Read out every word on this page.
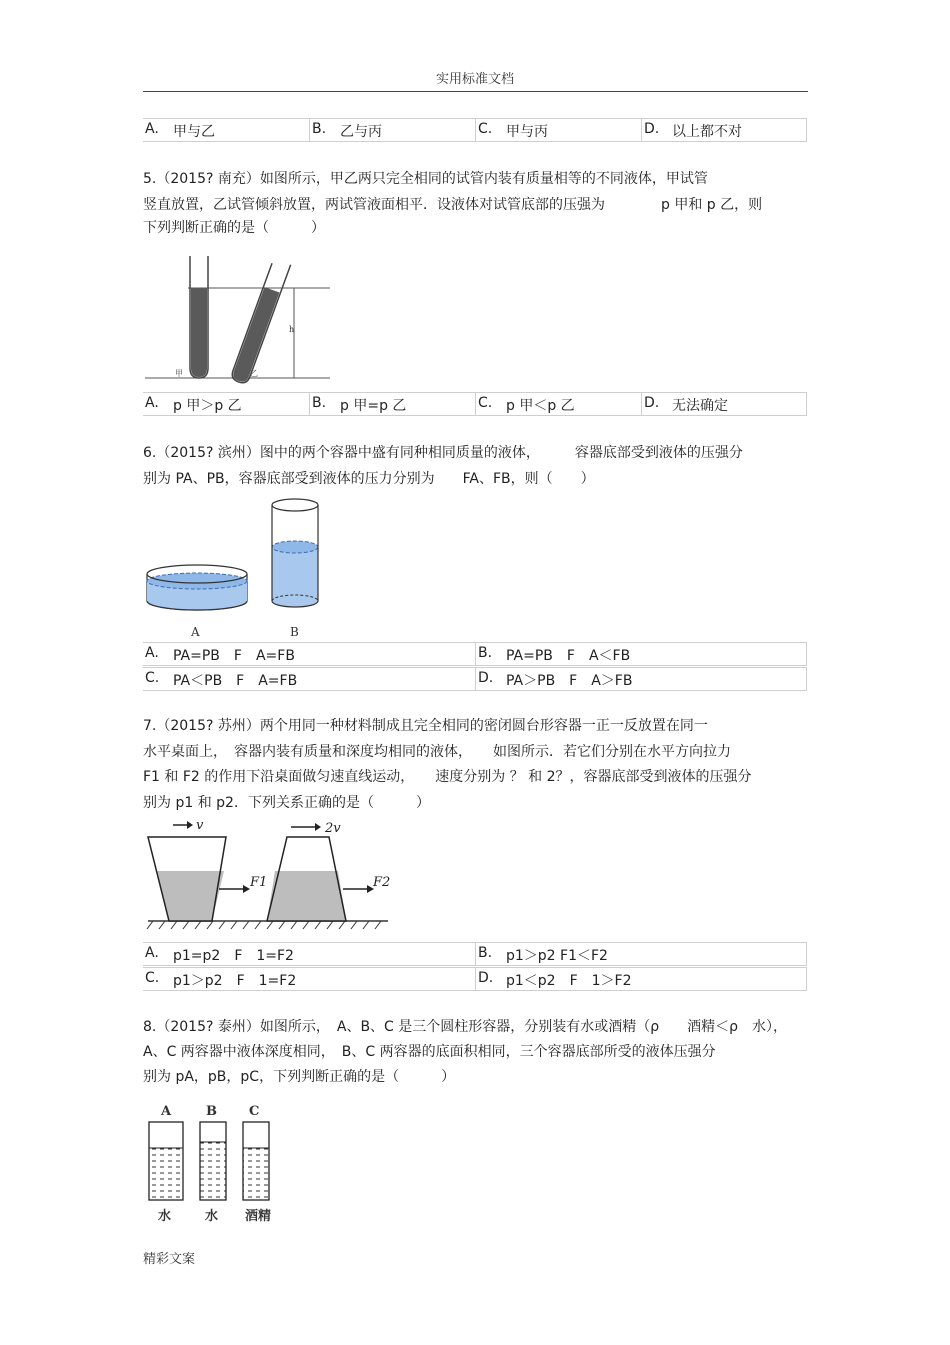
实用标准文档
A. 甲与乙	B. 乙与丙	C. 甲与丙	D. 以上都不对
5.（2015? 南充）如图所示，甲乙两只完全相同的试管内装有质量相等的不同液体，甲试管
竖直放置，乙试管倾斜放置，两试管液面相平．设液体对试管底部的压强为　　　　p 甲和 p 乙，则
下列判断正确的是（　　　）
h
甲	乙
A. p 甲＞p 乙	B. p 甲=p 乙	C. p 甲＜p 乙	D. 无法确定
6.（2015? 滨州）图中的两个容器中盛有同种相同质量的液体，　　　容器底部受到液体的压强分
别为 PA、PB，容器底部受到液体的压力分别为　　FA、FB，则（　　）
A	B
A. PA=PB　F　A=FB	B. PA=PB　F　A＜FB
C. PA＜PB　F　A=FB	D. PA＞PB　F　A＞FB
7.（2015? 苏州）两个用同一种材料制成且完全相同的密闭圆台形容器一正一反放置在同一
水平桌面上，　容器内装有质量和深度均相同的液体，　　如图所示．若它们分别在水平方向拉力
F1 和 F2 的作用下沿桌面做匀速直线运动，　　速度分别为 ？ 和 2？，容器底部受到液体的压强分
别为 p1 和 p2．下列关系正确的是（　　　）
v	2v
F1	F2
A. p1=p2　F　1=F2	B. p1＞p2 F1＜F2
C. p1＞p2　F　1=F2	D. p1＜p2　F　1＞F2
8.（2015? 泰州）如图所示，　A、B、C 是三个圆柱形容器，分别装有水或酒精（ρ　　酒精＜ρ　水），
A、C 两容器中液体深度相同，　B、C 两容器的底面积相同，三个容器底部所受的液体压强分
别为 pA，pB，pC，下列判断正确的是（　　　）
A	B C
水	水 酒精
精彩文案
